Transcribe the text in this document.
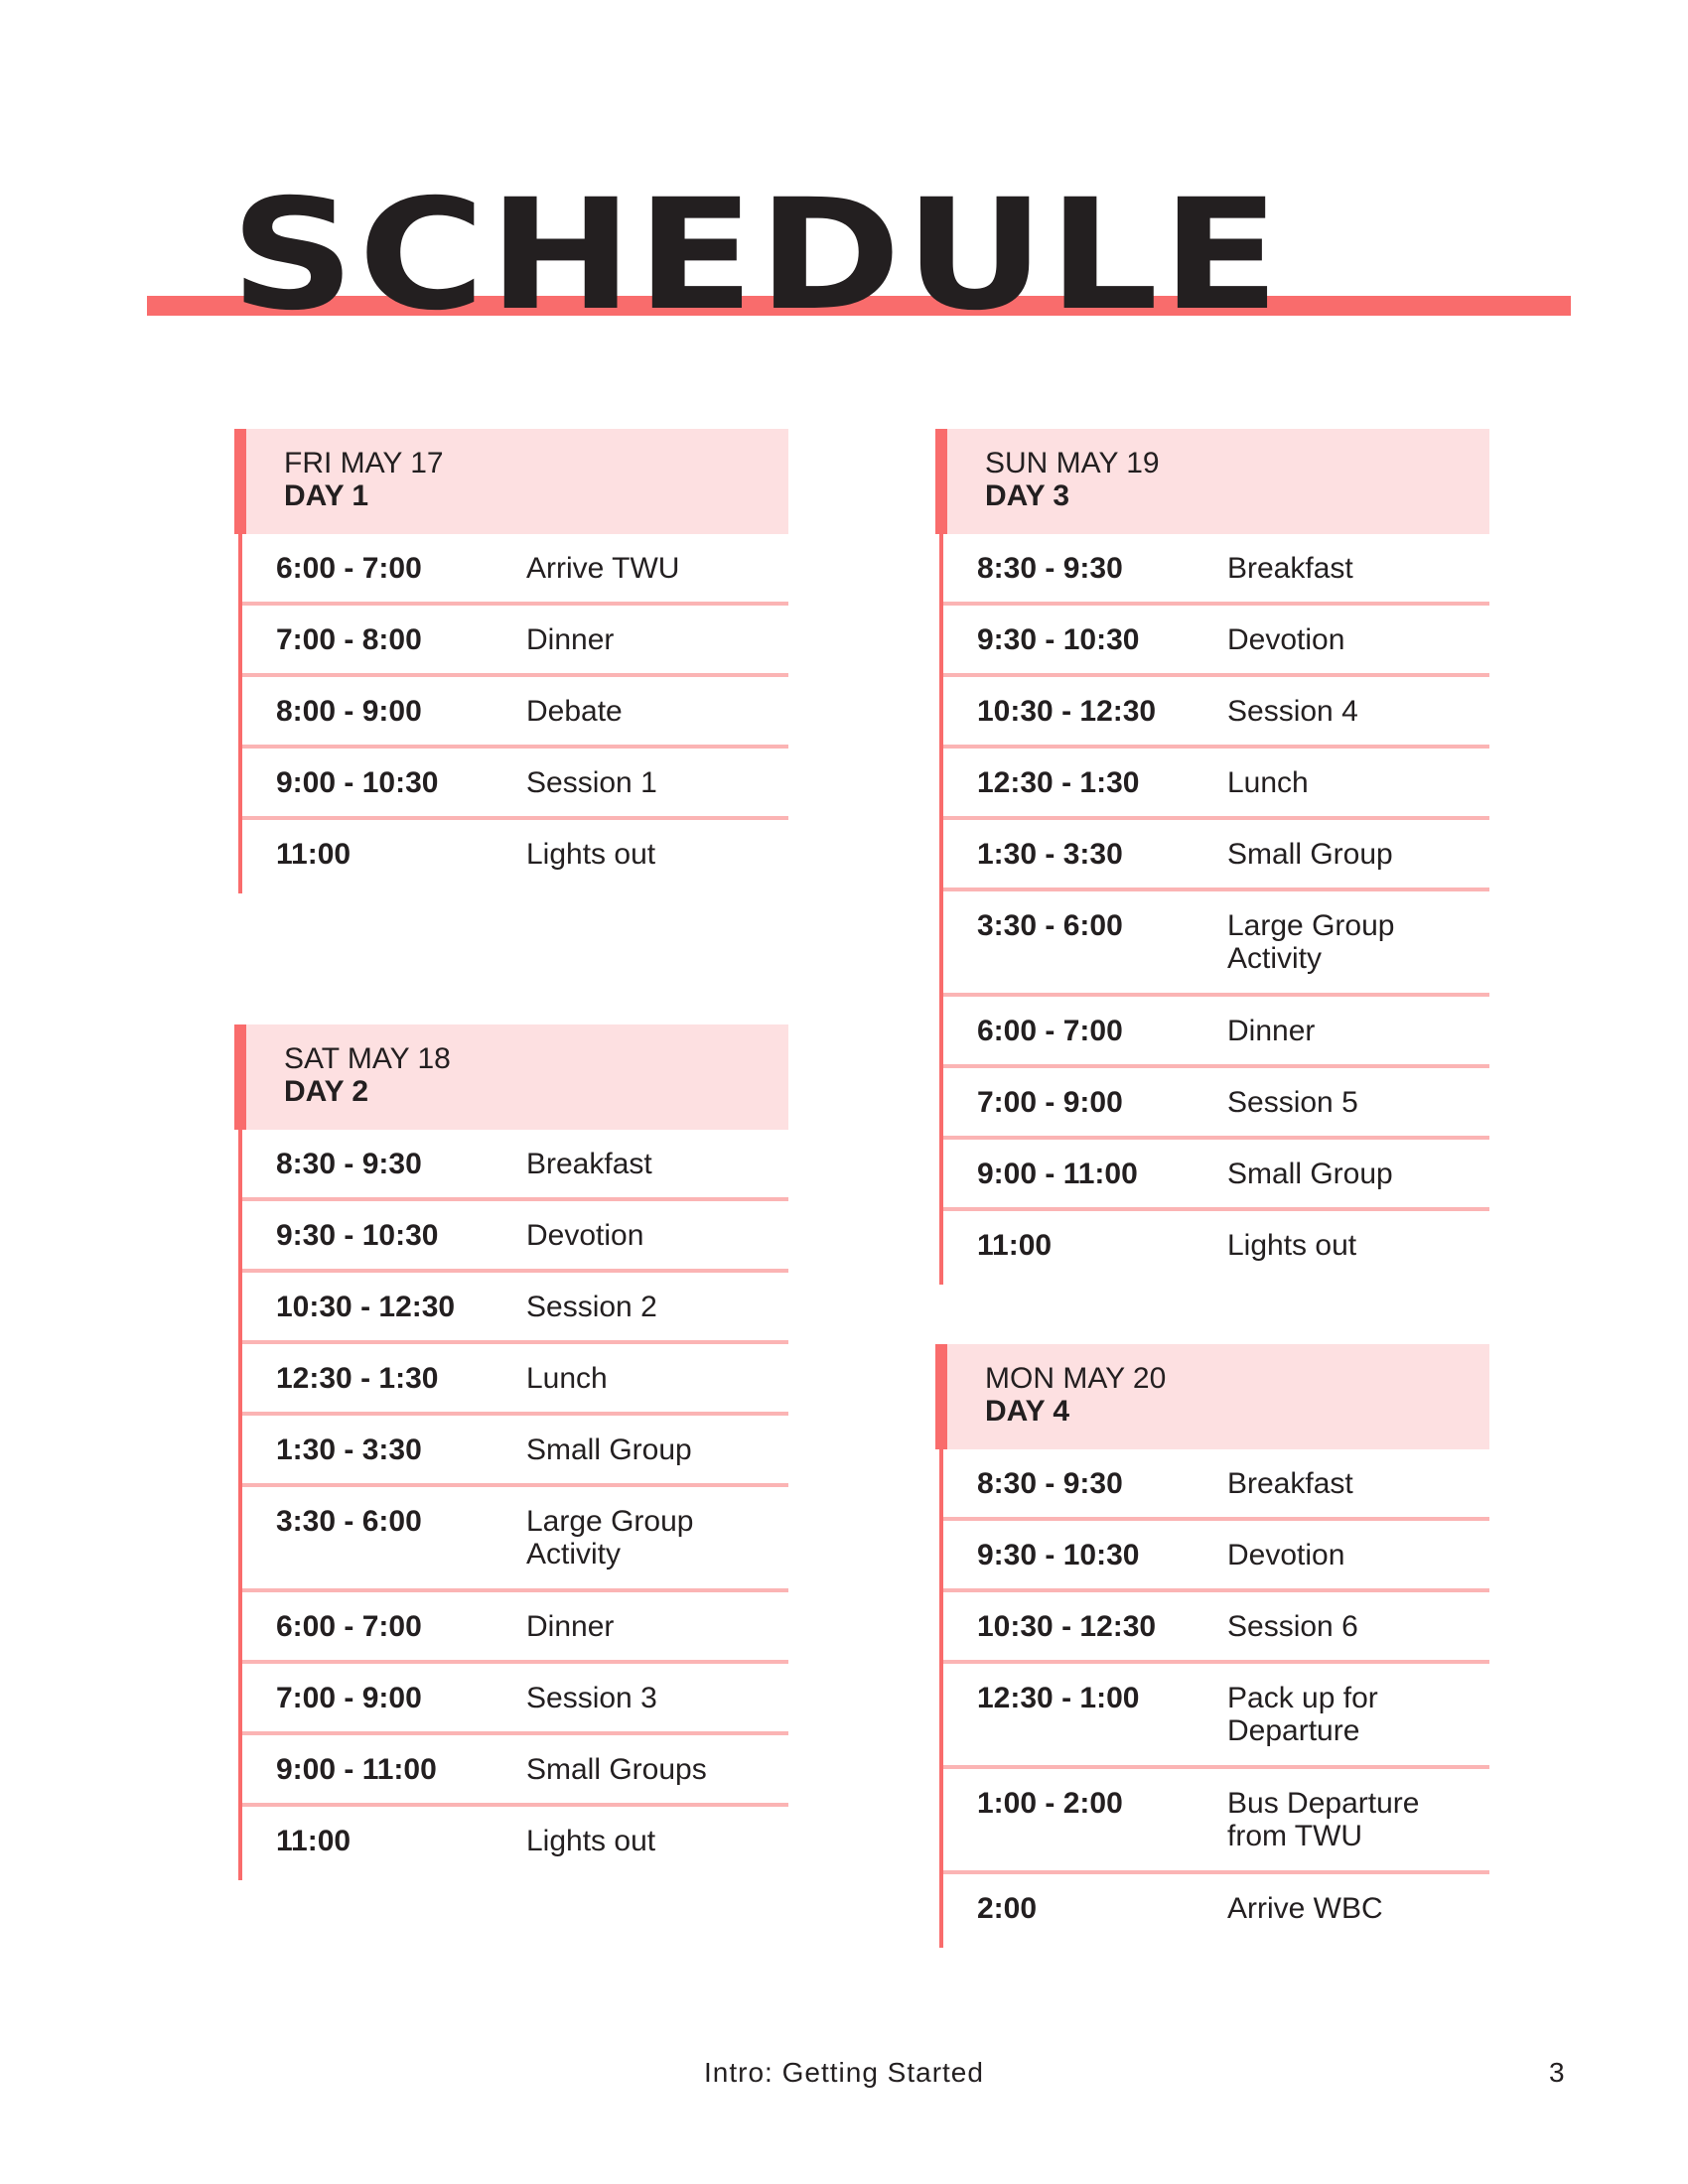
SCHEDULE
FRI MAY 17
DAY 1
6:00 - 7:00	Arrive TWU
7:00 - 8:00	Dinner
8:00 - 9:00	Debate
9:00 - 10:30	Session 1
11:00	Lights out
SAT MAY 18
DAY 2
8:30 - 9:30	Breakfast
9:30 - 10:30	Devotion
10:30 - 12:30	Session 2
12:30 - 1:30	Lunch
1:30 - 3:30	Small Group
3:30 - 6:00	Large Group Activity
6:00 - 7:00	Dinner
7:00 - 9:00	Session 3
9:00 - 11:00	Small Groups
11:00	Lights out
SUN MAY 19
DAY 3
8:30 - 9:30	Breakfast
9:30 - 10:30	Devotion
10:30 - 12:30	Session 4
12:30 - 1:30	Lunch
1:30 - 3:30	Small Group
3:30 - 6:00	Large Group Activity
6:00 - 7:00	Dinner
7:00 - 9:00	Session 5
9:00 - 11:00	Small Group
11:00	Lights out
MON MAY 20
DAY 4
8:30 - 9:30	Breakfast
9:30 - 10:30	Devotion
10:30 - 12:30	Session 6
12:30 - 1:00	Pack up for Departure
1:00 - 2:00	Bus Departure from TWU
2:00	Arrive WBC
Intro: Getting Started	3
